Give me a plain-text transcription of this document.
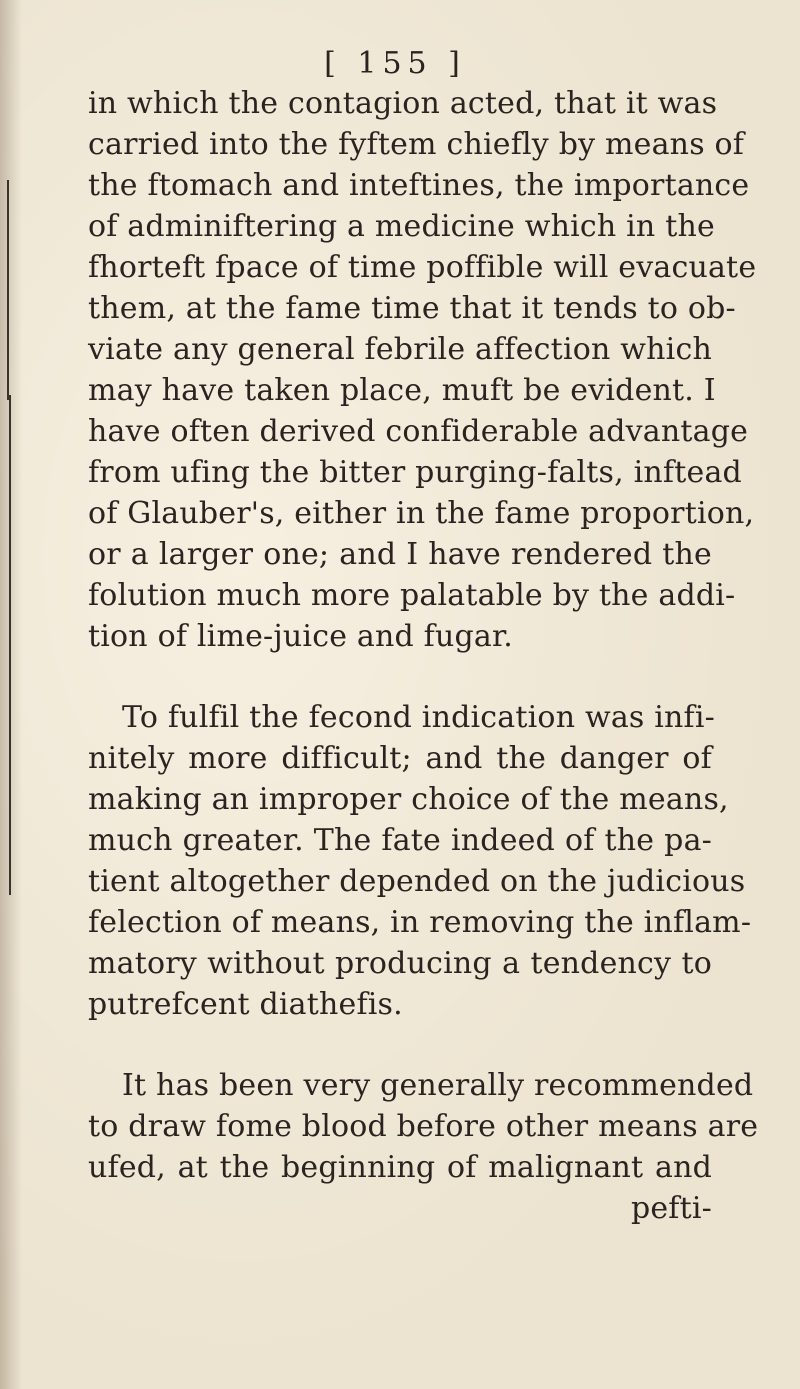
[ 155 ]
in which the contagion acted, that it was
carried into the fyftem chiefly by means of
the ftomach and inteftines, the importance
of adminiftering a medicine which in the
fhorteft fpace of time poffible will evacuate
them, at the fame time that it tends to ob-
viate any general febrile affection which
may have taken place, muft be evident. I
have often derived confiderable advantage
from ufing the bitter purging-falts, inftead
of Glauber's, either in the fame proportion,
or a larger one; and I have rendered the
folution much more palatable by the addi-
tion of lime-juice and fugar.
To fulfil the fecond indication was infi-
nitely more difficult; and the danger of
making an improper choice of the means,
much greater. The fate indeed of the pa-
tient altogether depended on the judicious
felection of means, in removing the inflam-
matory without producing a tendency to
putrefcent diathefis.
It has been very generally recommended
to draw fome blood before other means are
ufed, at the beginning of malignant and
pefti-
